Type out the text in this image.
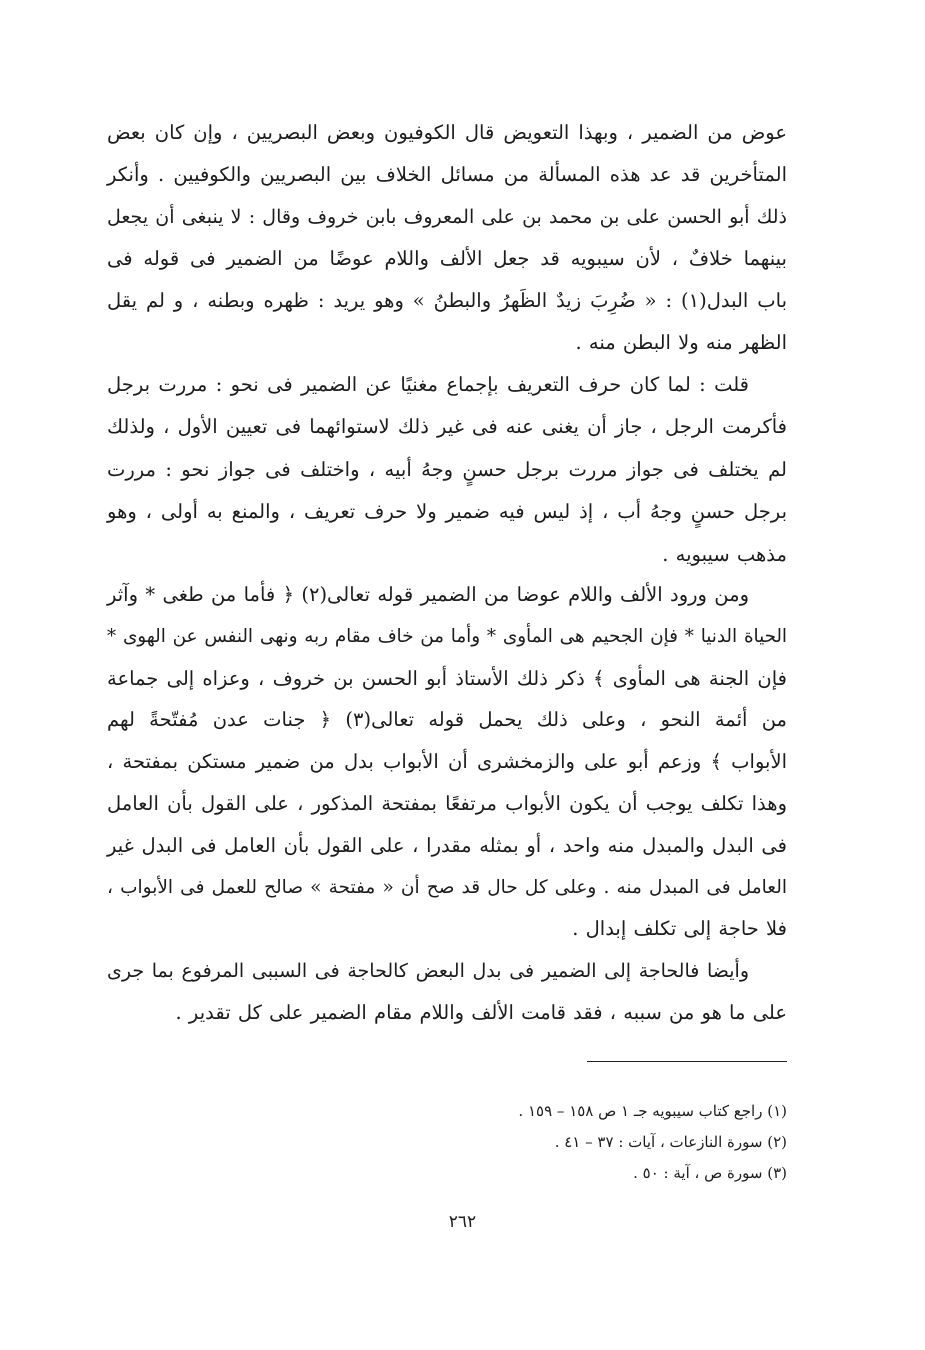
عوض من الضمير ، وبهذا التعويض قال الكوفيون وبعض البصريين ، وإن كان بعض
المتأخرين قد عد هذه المسألة من مسائل الخلاف بين البصريين والكوفيين . وأنكر
ذلك أبو الحسن على بن محمد بن على المعروف بابن خروف وقال : لا ينبغى أن يجعل
بينهما خلافٌ ، لأن سيبويه قد جعل الألف واللام عوضًا من الضمير فى قوله فى
باب البدل(١) : « ضُرِبَ زيدٌ الظَهرُ والبطنُ » وهو يريد : ظهره وبطنه ، و لم يقل
الظهر منه ولا البطن منه .
قلت : لما كان حرف التعريف بإجماع مغنيًا عن الضمير فى نحو : مررت برجل
فأكرمت الرجل ، جاز أن يغنى عنه فى غير ذلك لاستوائهما فى تعيين الأول ، ولذلك
لم يختلف فى جواز مررت برجل حسنٍ وجهُ أبيه ، واختلف فى جواز نحو : مررت
برجل حسنٍ وجهُ أب ، إذ ليس فيه ضمير ولا حرف تعريف ، والمنع به أولى ، وهو
مذهب سيبويه .
ومن ورود الألف واللام عوضا من الضمير قوله تعالى(٢) ﴿ فأما من طغى * وآثر
الحياة الدنيا * فإن الجحيم هى المأوى * وأما من خاف مقام ربه ونهى النفس عن الهوى *
فإن الجنة هى المأوى ﴾ ذكر ذلك الأستاذ أبو الحسن بن خروف ، وعزاه إلى جماعة
من أئمة النحو ، وعلى ذلك يحمل قوله تعالى(٣) ﴿ جنات عدن مُفتّحةً لهم
الأبواب ﴾ وزعم أبو على والزمخشرى أن الأبواب بدل من ضمير مستكن بمفتحة ،
وهذا تكلف يوجب أن يكون الأبواب مرتفعًا بمفتحة المذكور ، على القول بأن العامل
فى البدل والمبدل منه واحد ، أو بمثله مقدرا ، على القول بأن العامل فى البدل غير
العامل فى المبدل منه . وعلى كل حال قد صح أن « مفتحة » صالح للعمل فى الأبواب ،
فلا حاجة إلى تكلف إبدال .
وأيضا فالحاجة إلى الضمير فى بدل البعض كالحاجة فى السببى المرفوع بما جرى
على ما هو من سببه ، فقد قامت الألف واللام مقام الضمير على كل تقدير .
(١) راجع كتاب سيبويه جـ ١ ص ١٥٨ – ١٥٩ .
(٢) سورة النازعات ، آيات : ٣٧ – ٤١ .
(٣) سورة ص ، آية : ٥٠ .
٢٦٢
